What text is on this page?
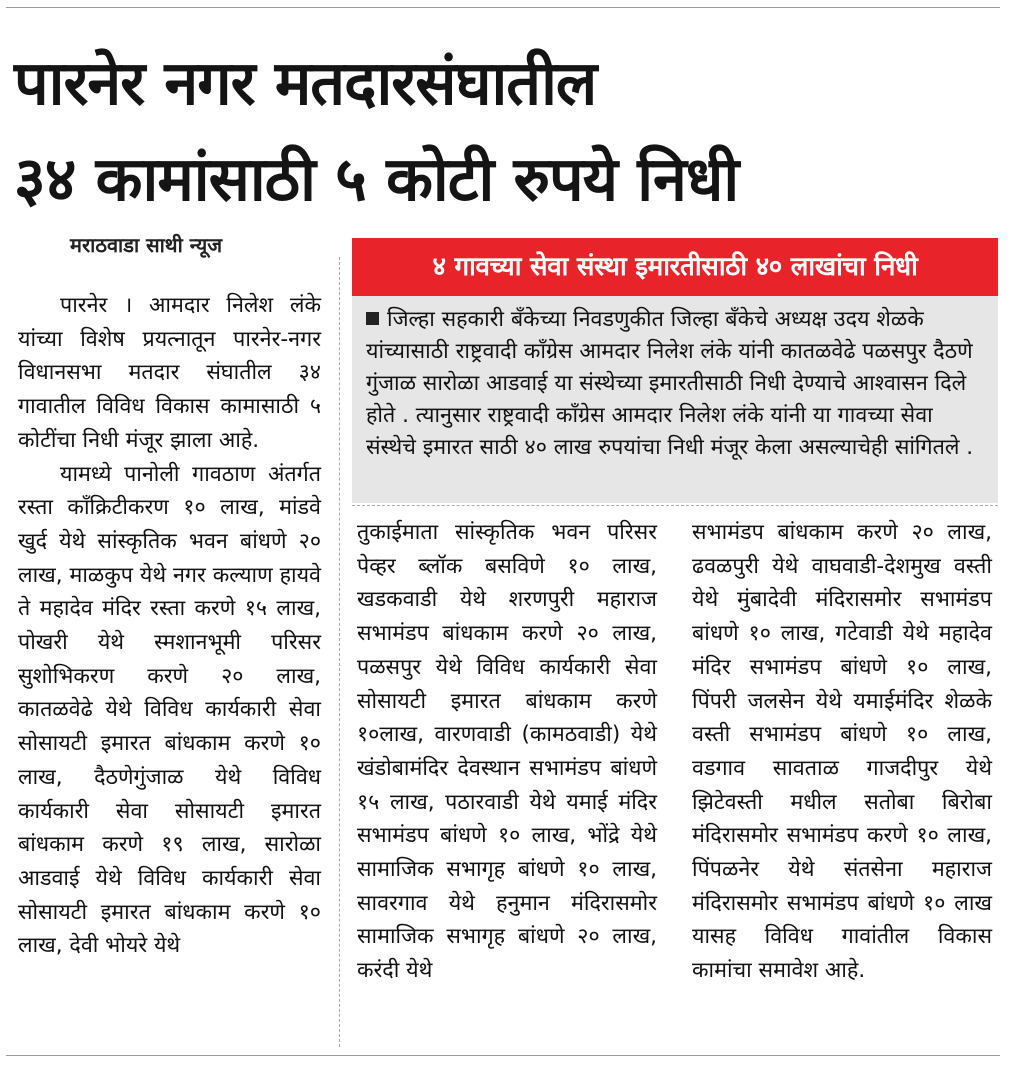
पारनेर नगर मतदारसंघातील
३४ कामांसाठी ५ कोटी रुपये निधी
मराठवाडा साथी न्यूज
४ गावच्या सेवा संस्था इमारतीसाठी ४० लाखांचा निधी

जिल्हा सहकारी बँकेच्या निवडणुकीत जिल्हा बँकेचे अध्यक्ष उदय शेळके यांच्यासाठी राष्ट्रवादी काँग्रेस आमदार निलेश लंके यांनी कातळवेढे पळसपुर दैठणे गुंजाळ सारोळा आडवाई या संस्थेच्या इमारतीसाठी निधी देण्याचे आश्वासन दिले होते . त्यानुसार राष्ट्रवादी काँग्रेस आमदार निलेश लंके यांनी या गावच्या सेवा संस्थेचे इमारत साठी ४० लाख रुपयांचा निधी मंजूर केला असल्याचेही सांगितले .

पारनेर । आमदार निलेश लंके यांच्या विशेष प्रयत्नातून पारनेर-नगर विधानसभा मतदार संघातील ३४ गावातील विविध विकास कामासाठी ५ कोटींचा निधी मंजूर झाला आहे.

यामध्ये पानोली गावठाण अंतर्गत रस्ता काँक्रिटीकरण १० लाख, मांडवे खुर्द येथे सांस्कृतिक भवन बांधणे २० लाख, माळकुप येथे नगर कल्याण हायवे ते महादेव मंदिर रस्ता करणे १५ लाख, पोखरी येथे स्मशानभूमी परिसर सुशोभिकरण करणे २० लाख, कातळवेढे येथे विविध कार्यकारी सेवा सोसायटी इमारत बांधकाम करणे १० लाख, दैठणेगुंजाळ येथे विविध कार्यकारी सेवा सोसायटी इमारत बांधकाम करणे १९ लाख, सारोळा आडवाई येथे विविध कार्यकारी सेवा सोसायटी इमारत बांधकाम करणे १० लाख, देवी भोयरे येथे

तुकाईमाता सांस्कृतिक भवन परिसर पेव्हर ब्लॉक बसविणे १० लाख, खडकवाडी येथे शरणपुरी महाराज सभामंडप बांधकाम करणे २० लाख, पळसपुर येथे विविध कार्यकारी सेवा सोसायटी इमारत बांधकाम करणे १०लाख, वारणवाडी (कामठवाडी) येथे खंडोबामंदिर देवस्थान सभामंडप बांधणे १५ लाख, पठारवाडी येथे यमाई मंदिर सभामंडप बांधणे १० लाख, भोंद्रे येथे सामाजिक सभागृह बांधणे १० लाख, सावरगाव येथे हनुमान मंदिरासमोर सामाजिक सभागृह बांधणे २० लाख, करंदी येथे

सभामंडप बांधकाम करणे २० लाख, ढवळपुरी येथे वाघवाडी-देशमुख वस्ती येथे मुंबादेवी मंदिरासमोर सभामंडप बांधणे १० लाख, गटेवाडी येथे महादेव मंदिर सभामंडप बांधणे १० लाख, पिंपरी जलसेन येथे यमाईमंदिर शेळके वस्ती सभामंडप बांधणे १० लाख, वडगाव सावताळ गाजदीपुर येथे झिटेवस्ती मधील सतोबा बिरोबा मंदिरासमोर सभामंडप करणे १० लाख, पिंपळनेर येथे संतसेना महाराज मंदिरासमोर सभामंडप बांधणे १० लाख यासह विविध गावांतील विकास कामांचा समावेश आहे.
